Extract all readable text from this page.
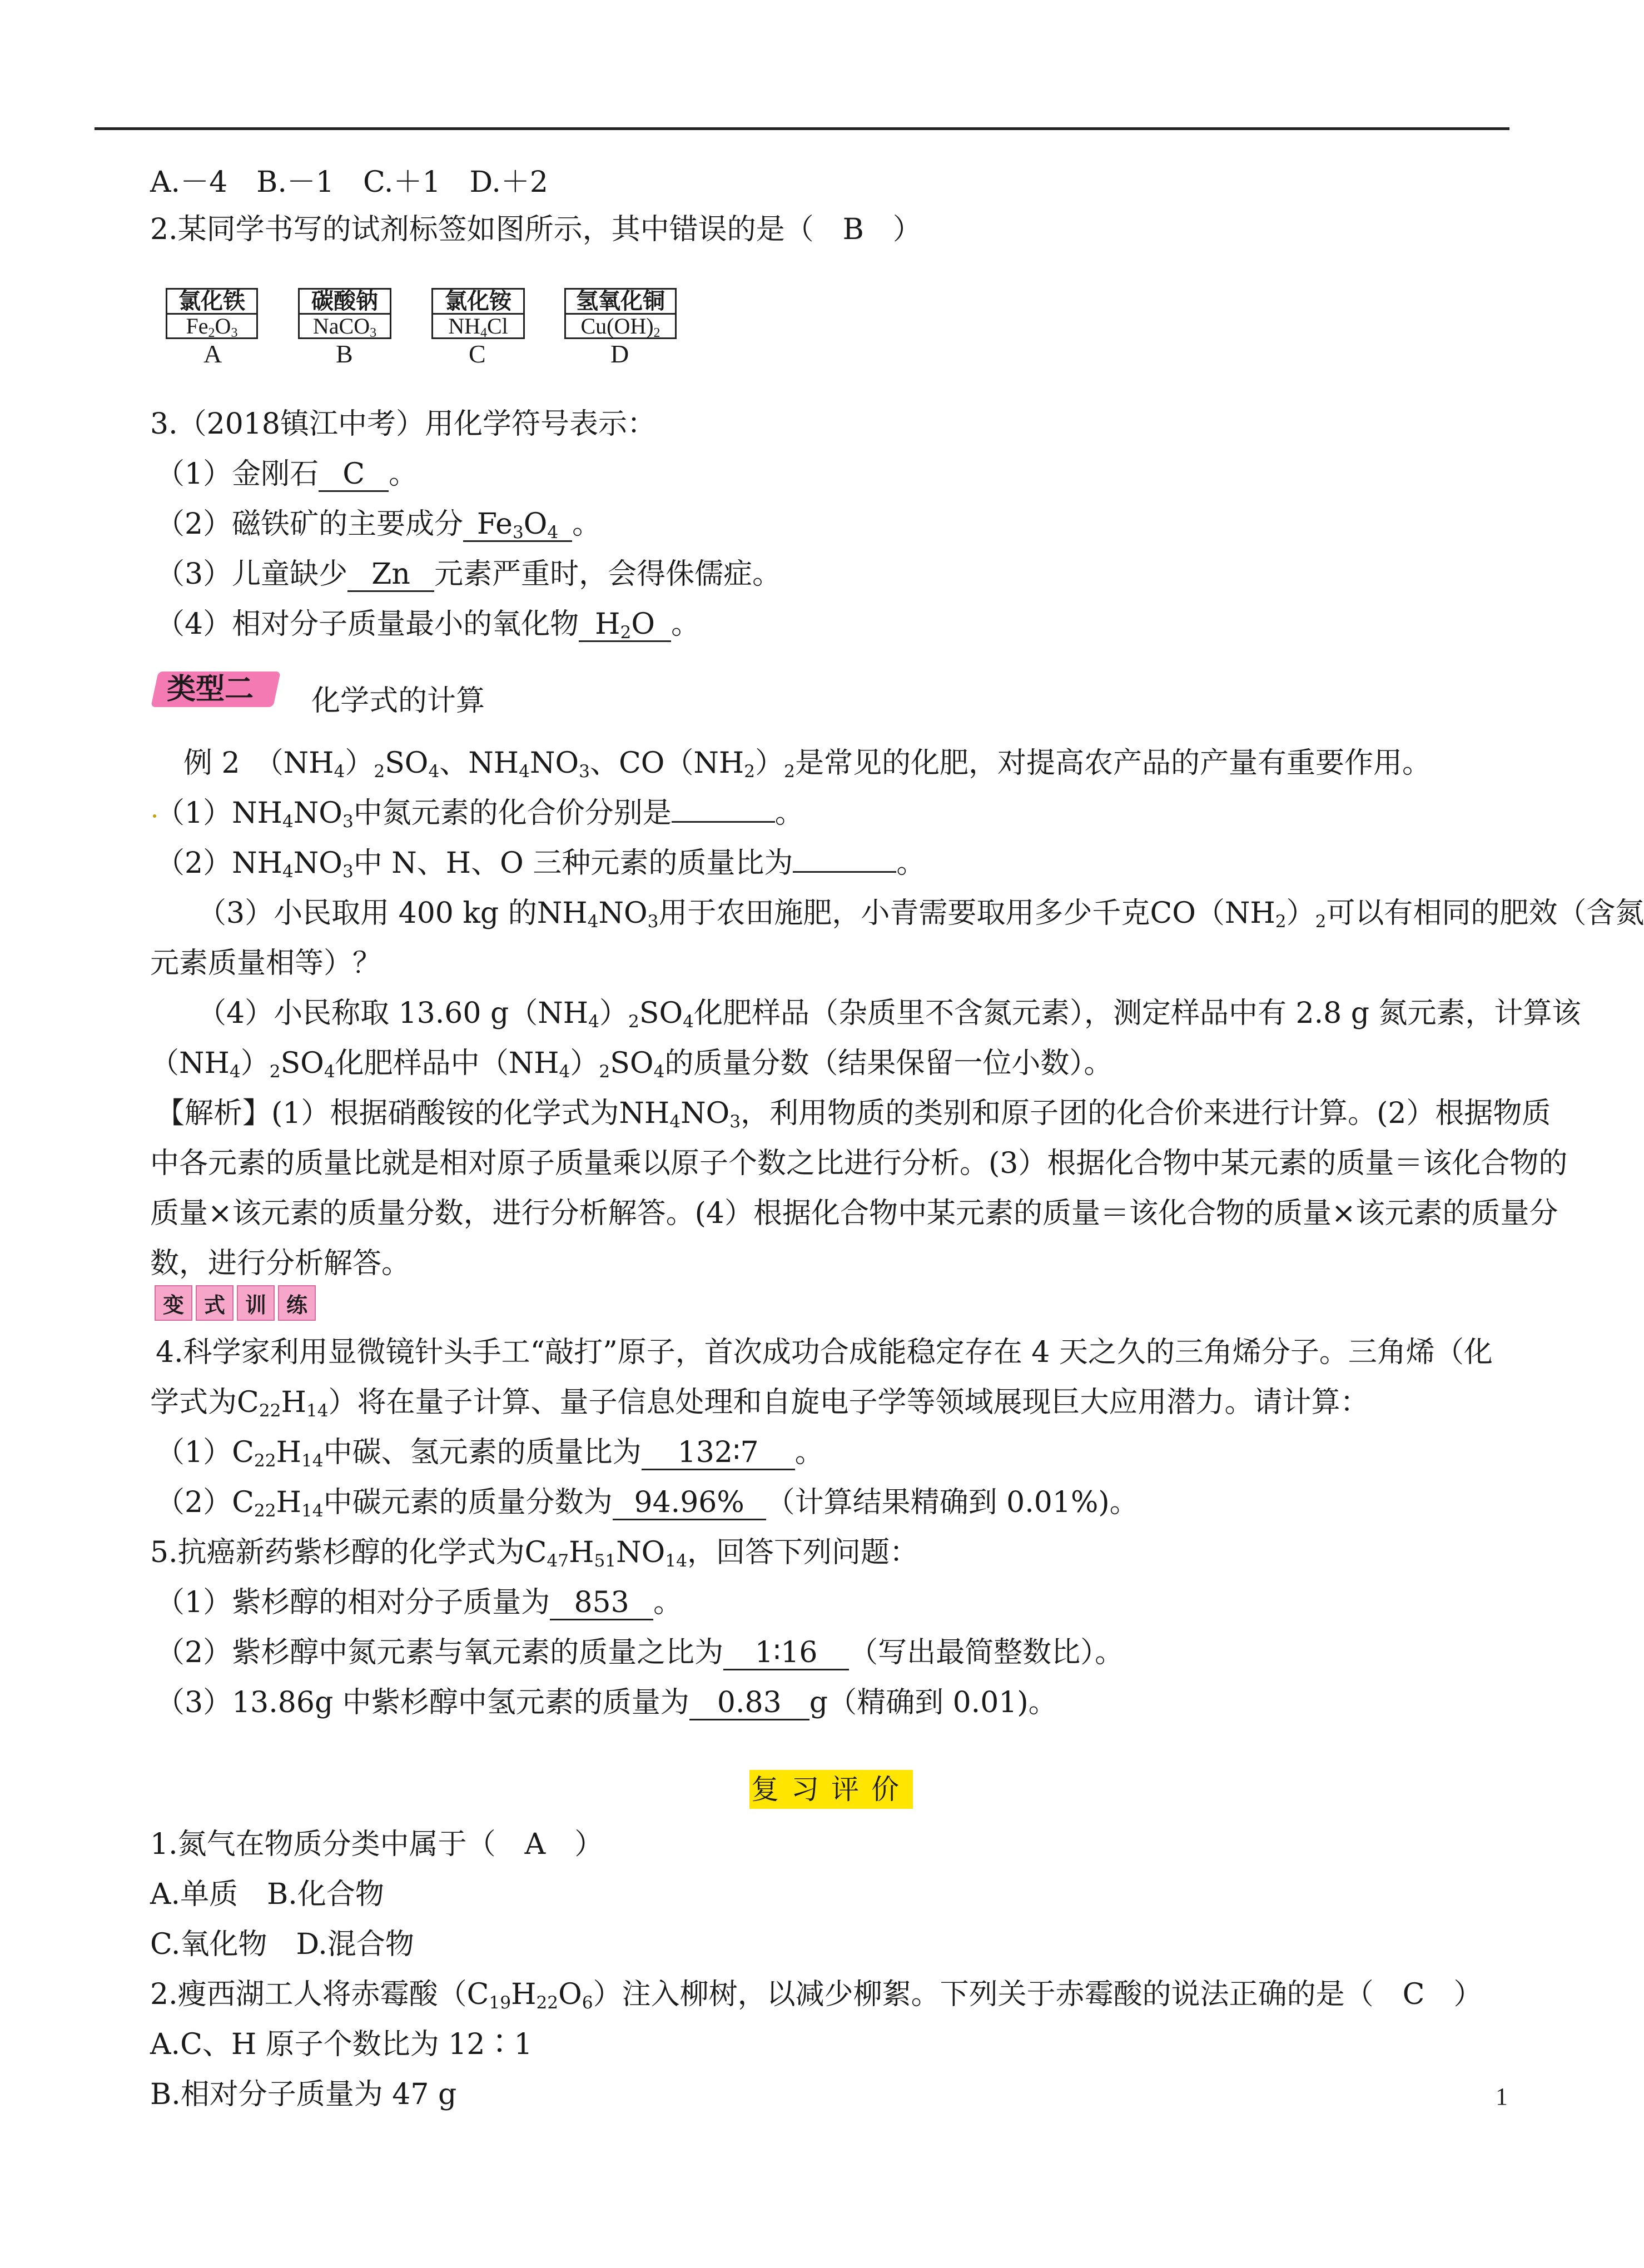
A.－4　B.－1　C.＋1　D.＋2
2.某同学书写的试剂标签如图所示，其中错误的是（　B　）
氯化铁
$Fe_2O_3$
碳酸钠
NaCO$_3$
氯化铵
$NH_4Cl$
氢氧化铜
$Cu(OH)_2$
A	B	C	D
3.（2018镇江中考）用化学符号表示：
（1）金刚石 C 。
（2）磁铁矿的主要成分 $Fe_3O_4$ 。
（3）儿童缺少 Zn 元素严重时，会得侏儒症。
（4）相对分子质量最小的氧化物 $H_2O$ 。
类型二 化学式的计算
例 2　$(NH_4)_2SO_4$、$NH_4NO_3$、$CO(NH_2)_2$是常见的化肥，对提高农产品的产量有重要作用。
$(1)NH_4NO_3$中氮元素的化合价分别是	。
$(2)NH_4NO_3$中 N、H、O 三种元素的质量比为	。
（3）小民取用 400 kg 的$NH_4NO_3$用于农田施肥，小青需要取用多少千克$CO(NH_2)_2$可以有相同的肥效（含氮
元素质量相等）？
（4）小民称取 13.60 $g(NH_4)_2SO_4$化肥样品（杂质里不含氮元素），测定样品中有 2.8 g 氮元素，计算该
$(NH_4)_2SO_4$化肥样品中$(NH_4)_2SO_4$的质量分数（结果保留一位小数）。
【解析】(1）根据硝酸铵的化学式为$NH_4NO_3$，利用物质的类别和原子团的化合价来进行计算。(2）根据物质
中各元素的质量比就是相对原子质量乘以原子个数之比进行分析。(3）根据化合物中某元素的质量＝该化合物的
质量×该元素的质量分数，进行分析解答。(4）根据化合物中某元素的质量＝该化合物的质量×该元素的质量分
数，进行分析解答。
变 式 训 练
4.科学家利用显微镜针头手工“敲打”原子，首次成功合成能稳定存在 4 天之久的三角烯分子。三角烯（化
学式为$C_{22}H_{14}$）将在量子计算、量子信息处理和自旋电子学等领域展现巨大应用潜力。请计算：
$(1)C_{22}H_{14}$中碳、氢元素的质量比为 132∶7 。
$(2)C_{22}H_{14}$中碳元素的质量分数为 94.96% （计算结果精确到 0.01%)。
5.抗癌新药紫杉醇的化学式为$C_{47}H_{51}NO_{14}$，回答下列问题：
（1）紫杉醇的相对分子质量为 853 。
（2）紫杉醇中氮元素与氧元素的质量之比为 1∶16 （写出最简整数比）。
（3）13.86g 中紫杉醇中氢元素的质量为 0.83 g（精确到 0.01)。
复习评价
1.氮气在物质分类中属于（　A　）
A.单质　B.化合物
C.氧化物　D.混合物
2.瘦西湖工人将赤霉酸$(C_{19}H_{22}O_6)$注入柳树，以减少柳絮。下列关于赤霉酸的说法正确的是（　C　）
A.C、H 原子个数比为 12∶1
B.相对分子质量为 47 g	1
